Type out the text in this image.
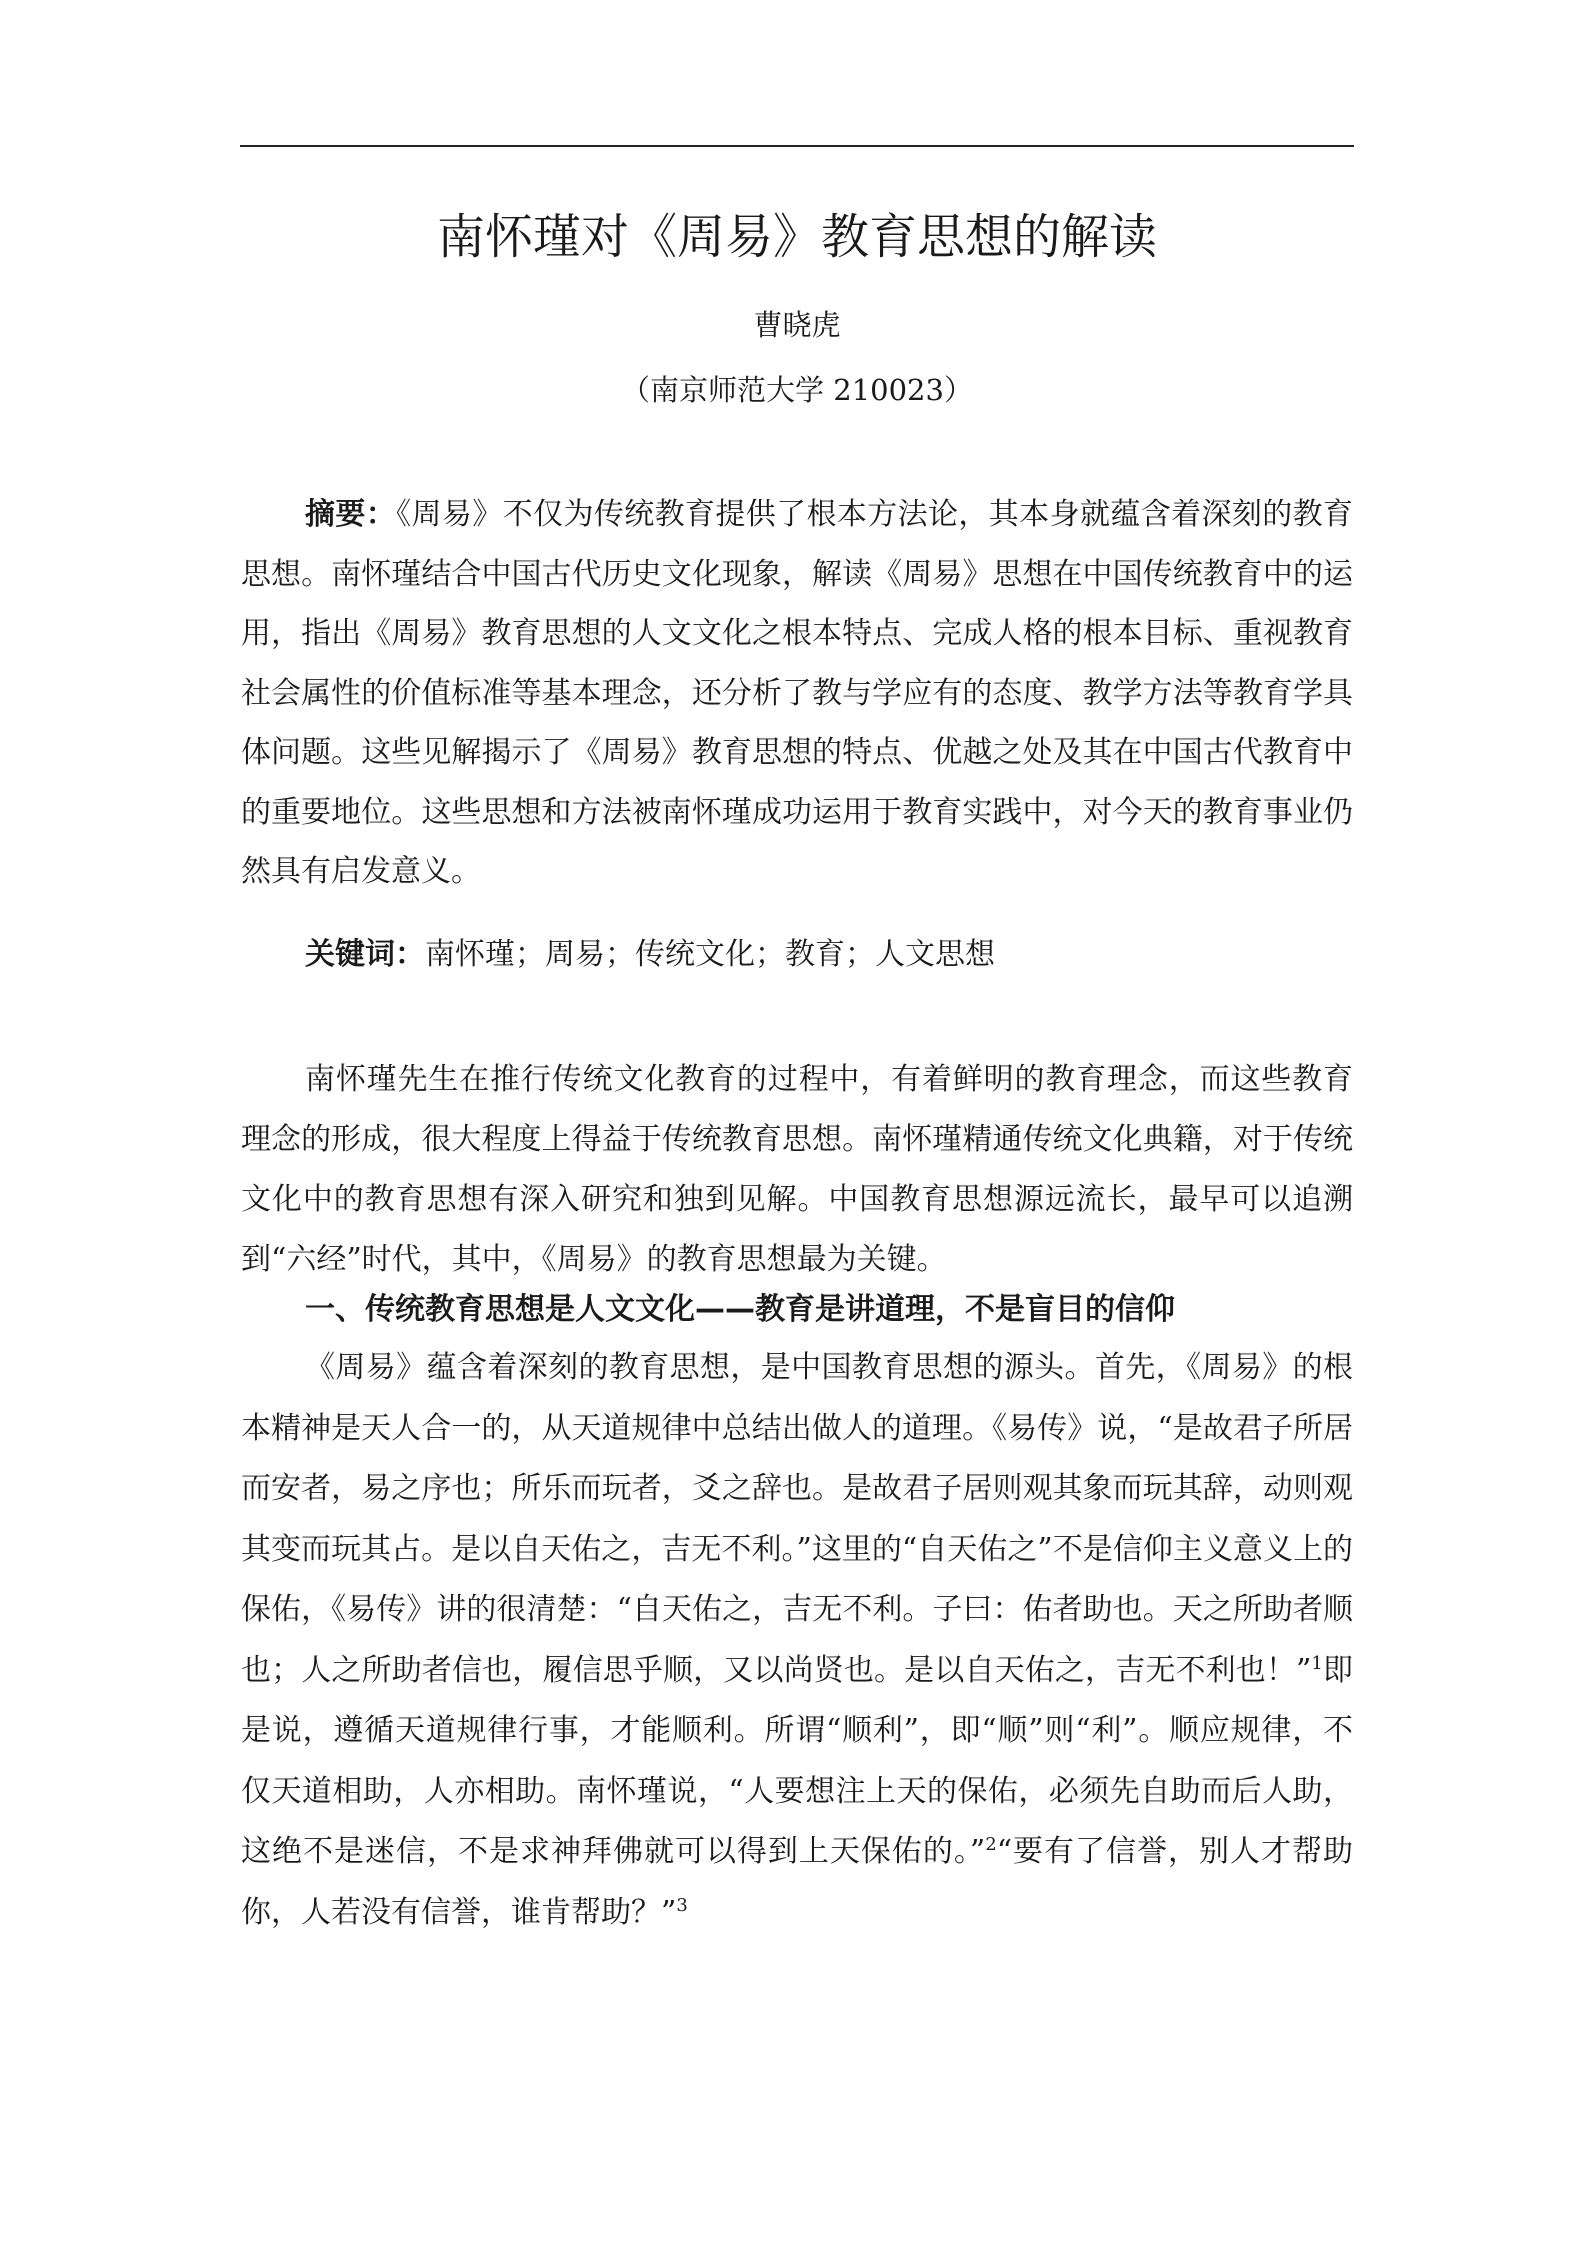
南怀瑾对《周易》教育思想的解读
曹晓虎
（南京师范大学 210023）

摘要：《周易》不仅为传统教育提供了根本方法论，其本身就蕴含着深刻的教育思想。南怀瑾结合中国古代历史文化现象，解读《周易》思想在中国传统教育中的运用，指出《周易》教育思想的人文文化之根本特点、完成人格的根本目标、重视教育社会属性的价值标准等基本理念，还分析了教与学应有的态度、教学方法等教育学具体问题。这些见解揭示了《周易》教育思想的特点、优越之处及其在中国古代教育中的重要地位。这些思想和方法被南怀瑾成功运用于教育实践中，对今天的教育事业仍然具有启发意义。

关键词：南怀瑾；周易；传统文化；教育；人文思想

南怀瑾先生在推行传统文化教育的过程中，有着鲜明的教育理念，而这些教育理念的形成，很大程度上得益于传统教育思想。南怀瑾精通传统文化典籍，对于传统文化中的教育思想有深入研究和独到见解。中国教育思想源远流长，最早可以追溯到“六经”时代，其中，《周易》的教育思想最为关键。

一、传统教育思想是人文文化——教育是讲道理，不是盲目的信仰

《周易》蕴含着深刻的教育思想，是中国教育思想的源头。首先，《周易》的根本精神是天人合一的，从天道规律中总结出做人的道理。《易传》说，“是故君子所居而安者，易之序也；所乐而玩者，爻之辞也。是故君子居则观其象而玩其辞，动则观其变而玩其占。是以自天佑之，吉无不利。”这里的“自天佑之”不是信仰主义意义上的保佑，《易传》讲的很清楚：“自天佑之，吉无不利。子曰：佑者助也。天之所助者顺也；人之所助者信也，履信思乎顺，又以尚贤也。是以自天佑之，吉无不利也！”$^1$即是说，遵循天道规律行事，才能顺利。所谓“顺利”，即“顺”则“利”。顺应规律，不仅天道相助，人亦相助。南怀瑾说，“人要想注上天的保佑，必须先自助而后人助，这绝不是迷信，不是求神拜佛就可以得到上天保佑的。”$^2$“要有了信誉，别人才帮助你，人若没有信誉，谁肯帮助？”$^3$
